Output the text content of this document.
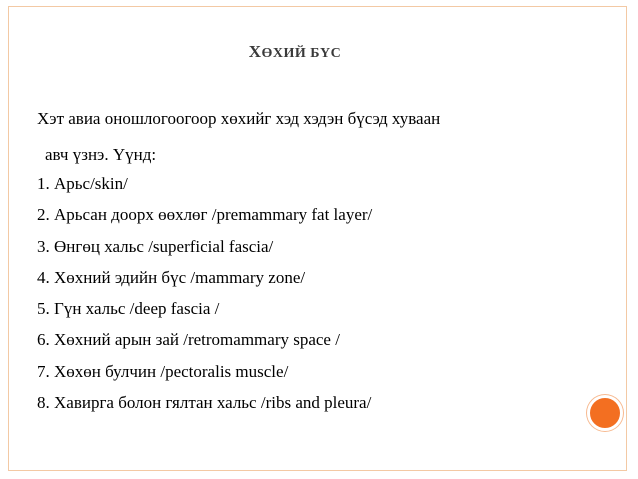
ХӨХИЙ БҮС
Хэт авиа оношлогоогоор хөхийг хэд хэдэн бүсэд хуваан
авч үзнэ. Үүнд:
1. Арьс/skin/
2. Арьсан доорх өөхлөг /premammary fat layer/
3. Өнгөц хальс /superficial fascia/
4. Хөхний эдийн бүс /mammary zone/
5. Гүн хальс /deep fascia /
6. Хөхний арын зай /retromammary space /
7. Хөхөн булчин /pectoralis muscle/
8. Хавирга болон гялтан хальс /ribs and pleura/
